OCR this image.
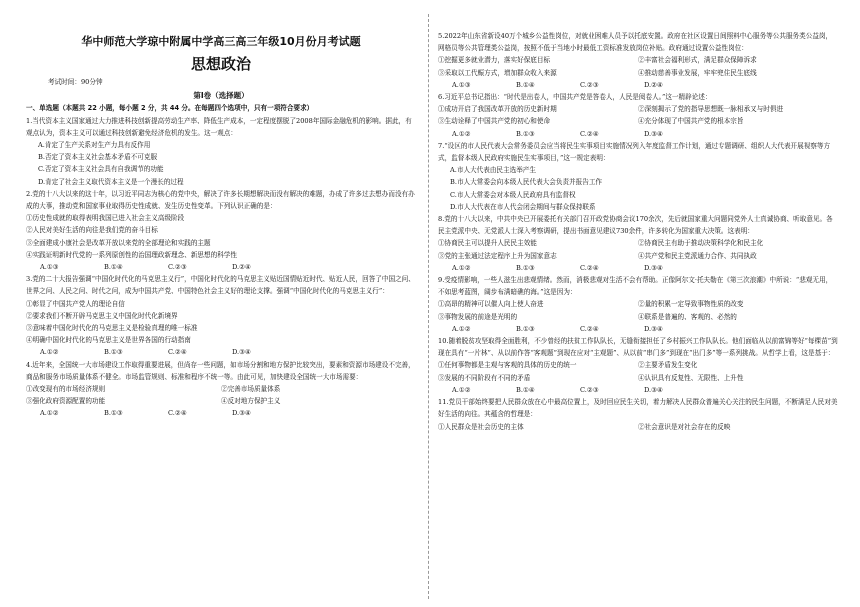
华中师范大学琼中附属中学高三高三年级10月份月考试题
思想政治

考试时间：90分钟

第Ⅰ卷（选择题）

一、单选题（本题共 22 小题，每小题 2 分，共 44 分。在每题四个选项中，只有一项符合要求）

1.当代资本主义国家通过大力推进科技创新提高劳动生产率、降低生产成本，一定程度摆脱了2008年国际金融危机的影响。据此，有观点认为，资本主义可以通过科技创新避免经济危机的发生。这一观点：

A.肯定了生产关系对生产力具有反作用

B.否定了资本主义社会基本矛盾不可克服

C.否定了资本主义社会具有自我调节的功能

D.肯定了社会主义取代资本主义是一个漫长的过程

2.党的十八大以来的这十年，以习近平同志为核心的党中央，解决了许多长期想解决而没有解决的难题，办成了许多过去想办而没有办成的大事，推动党和国家事业取得历史性成就、发生历史性变革。下列认识正确的是：

①历史性成就的取得表明我国已进入社会主义高级阶段

②人民对美好生活的向往是我们党的奋斗目标

③全面建成小康社会是改革开放以来党的全部理论和实践的主题

④实践证明新时代党的一系列原创性的治国理政新理念、新思想的科学性

A.①③	B.①④	C.②③	D.②④

3.党的二十大报告强调“中国化时代化的马克思主义行”，中国化时代化的马克思主义贴近国情贴近时代、贴近人民，回答了中国之问、世界之问、人民之问、时代之问，成为中国共产党、中国特色社会主义好的理论支撑。强调“中国化时代化的马克思主义行”：

①彰显了中国共产党人的理论自信

②要求我们不断开辟马克思主义中国化时代化新境界

③意味着中国化时代化的马克思主义是检验真理的唯一标准

④明确中国化时代化的马克思主义是世界各国的行动指南

A.①②	B.①③	C.②④	D.③④

4.近年来，全国统一大市场建设工作取得重要进展，但尚存一些问题，如市场分割和地方保护比较突出，要素和资源市场建设不完善，商品和服务市场质量体系不健全。市场监管规则、标准和程序不统一等。由此可见，加快建设全国统一大市场需要：

①改变现有的市场经济规则	②完善市场质量体系

③强化政府资源配置的功能	④反对地方保护主义

A.①②	B.①③	C.②④	D.③④

5.2022年山东省新设40万个城乡公益性岗位，对就业困难人员予以托底安置。政府在社区设置日间照料中心服务等公共服务类公益岗，网格员等公共管理类公益岗，按照不低于当地小时最低工资标准发放岗位补贴。政府通过设置公益性岗位：

①挖掘更多就业潜力，落实好保底目标	②丰富社会福利形式，满足群众保障诉求

③采取以工代赈方式，增加群众收入来源	④推动慈善事业发展，牢牢兜住民生底线

A.①③	B.①④	C.②③	D.②④

6.习近平总书记指出：“时代是出卷人，中国共产党是答卷人，人民是阅卷人。”这一精辟论述：

①成功开启了我国改革开放的历史新时期	②深刻揭示了党的指导思想既一脉相承又与时俱进

③生动诠释了中国共产党的初心和使命	④充分体现了中国共产党的根本宗旨

A.①②	B.①③	C.②④	D.③④

7.“设区的市人民代表大会常务委员会应当将民生实事项目实施情况列入年度监督工作计划，通过专题调研、组织人大代表开展视察等方式，监督本级人民政府实施民生实事项目，”这一规定表明：

A.市人大代表由民主选举产生

B.市人大常委会向本级人民代表大会负责并报告工作

C.市人大常委会对本级人民政府具有监督权

D.市人大代表在市人代会闭会期间与群众保持联系

8.党的十八大以来，中共中央已开展委托有关部门召开政党协商会议170余次，先后就国家重大问题同党外人士真诚协商、听取意见。各民主党派中央、无党派人士深入考察调研，提出书面意见建议730余件，许多转化为国家重大决策。这表明：

①协商民主可以提升人民民主效能	②协商民主有助于推动决策科学化和民主化

③党的主张通过法定程序上升为国家意志	④共产党和民主党派通力合作、共同执政

A.①②	B.①③	C.②④	D.③④

9.受疫情影响，一些人滋生出悲观情绪。然而，消极悲观对生活不会有帮助。正像阿尔文·托夫勒在《第三次浪潮》中所说：“悲观无用，不如思考蓝图，阔步布满暗礁的海。”这是因为：

①高昂的精神可以催人向上使人奋进	②量的积累一定导致事物性质的改变

③事物发展的前途是光明的	④联系是普遍的、客观的、必然的

A.①②	B.①③	C.②④	D.③④

10.随着脱贫攻坚取得全面胜利，不少曾经的扶贫工作队队长，无缝衔接担任了乡村振兴工作队队长。他们面临从以前富锦等好“每棵苗”到现在具有“一片林”、从以前作答“客观题”到现在应对“主观题”、从以前“串门多”到现在“出门多”等一系列挑战。从哲学上看，这是基于：

①任何事物都是主观与客观的具体的历史的统一	②主要矛盾发生变化

③发展的不同阶段有不同的矛盾	④认识具有反复性、无限性、上升性

A.①②	B.①④	C.②③	D.③④

11.党员干部始终要把人民群众放在心中最高位置上，及时回应民生关切，着力解决人民群众普遍关心关注的民生问题，不断满足人民对美好生活的向往。其蕴含的哲理是：

①人民群众是社会历史的主体	②社会意识是对社会存在的反映
